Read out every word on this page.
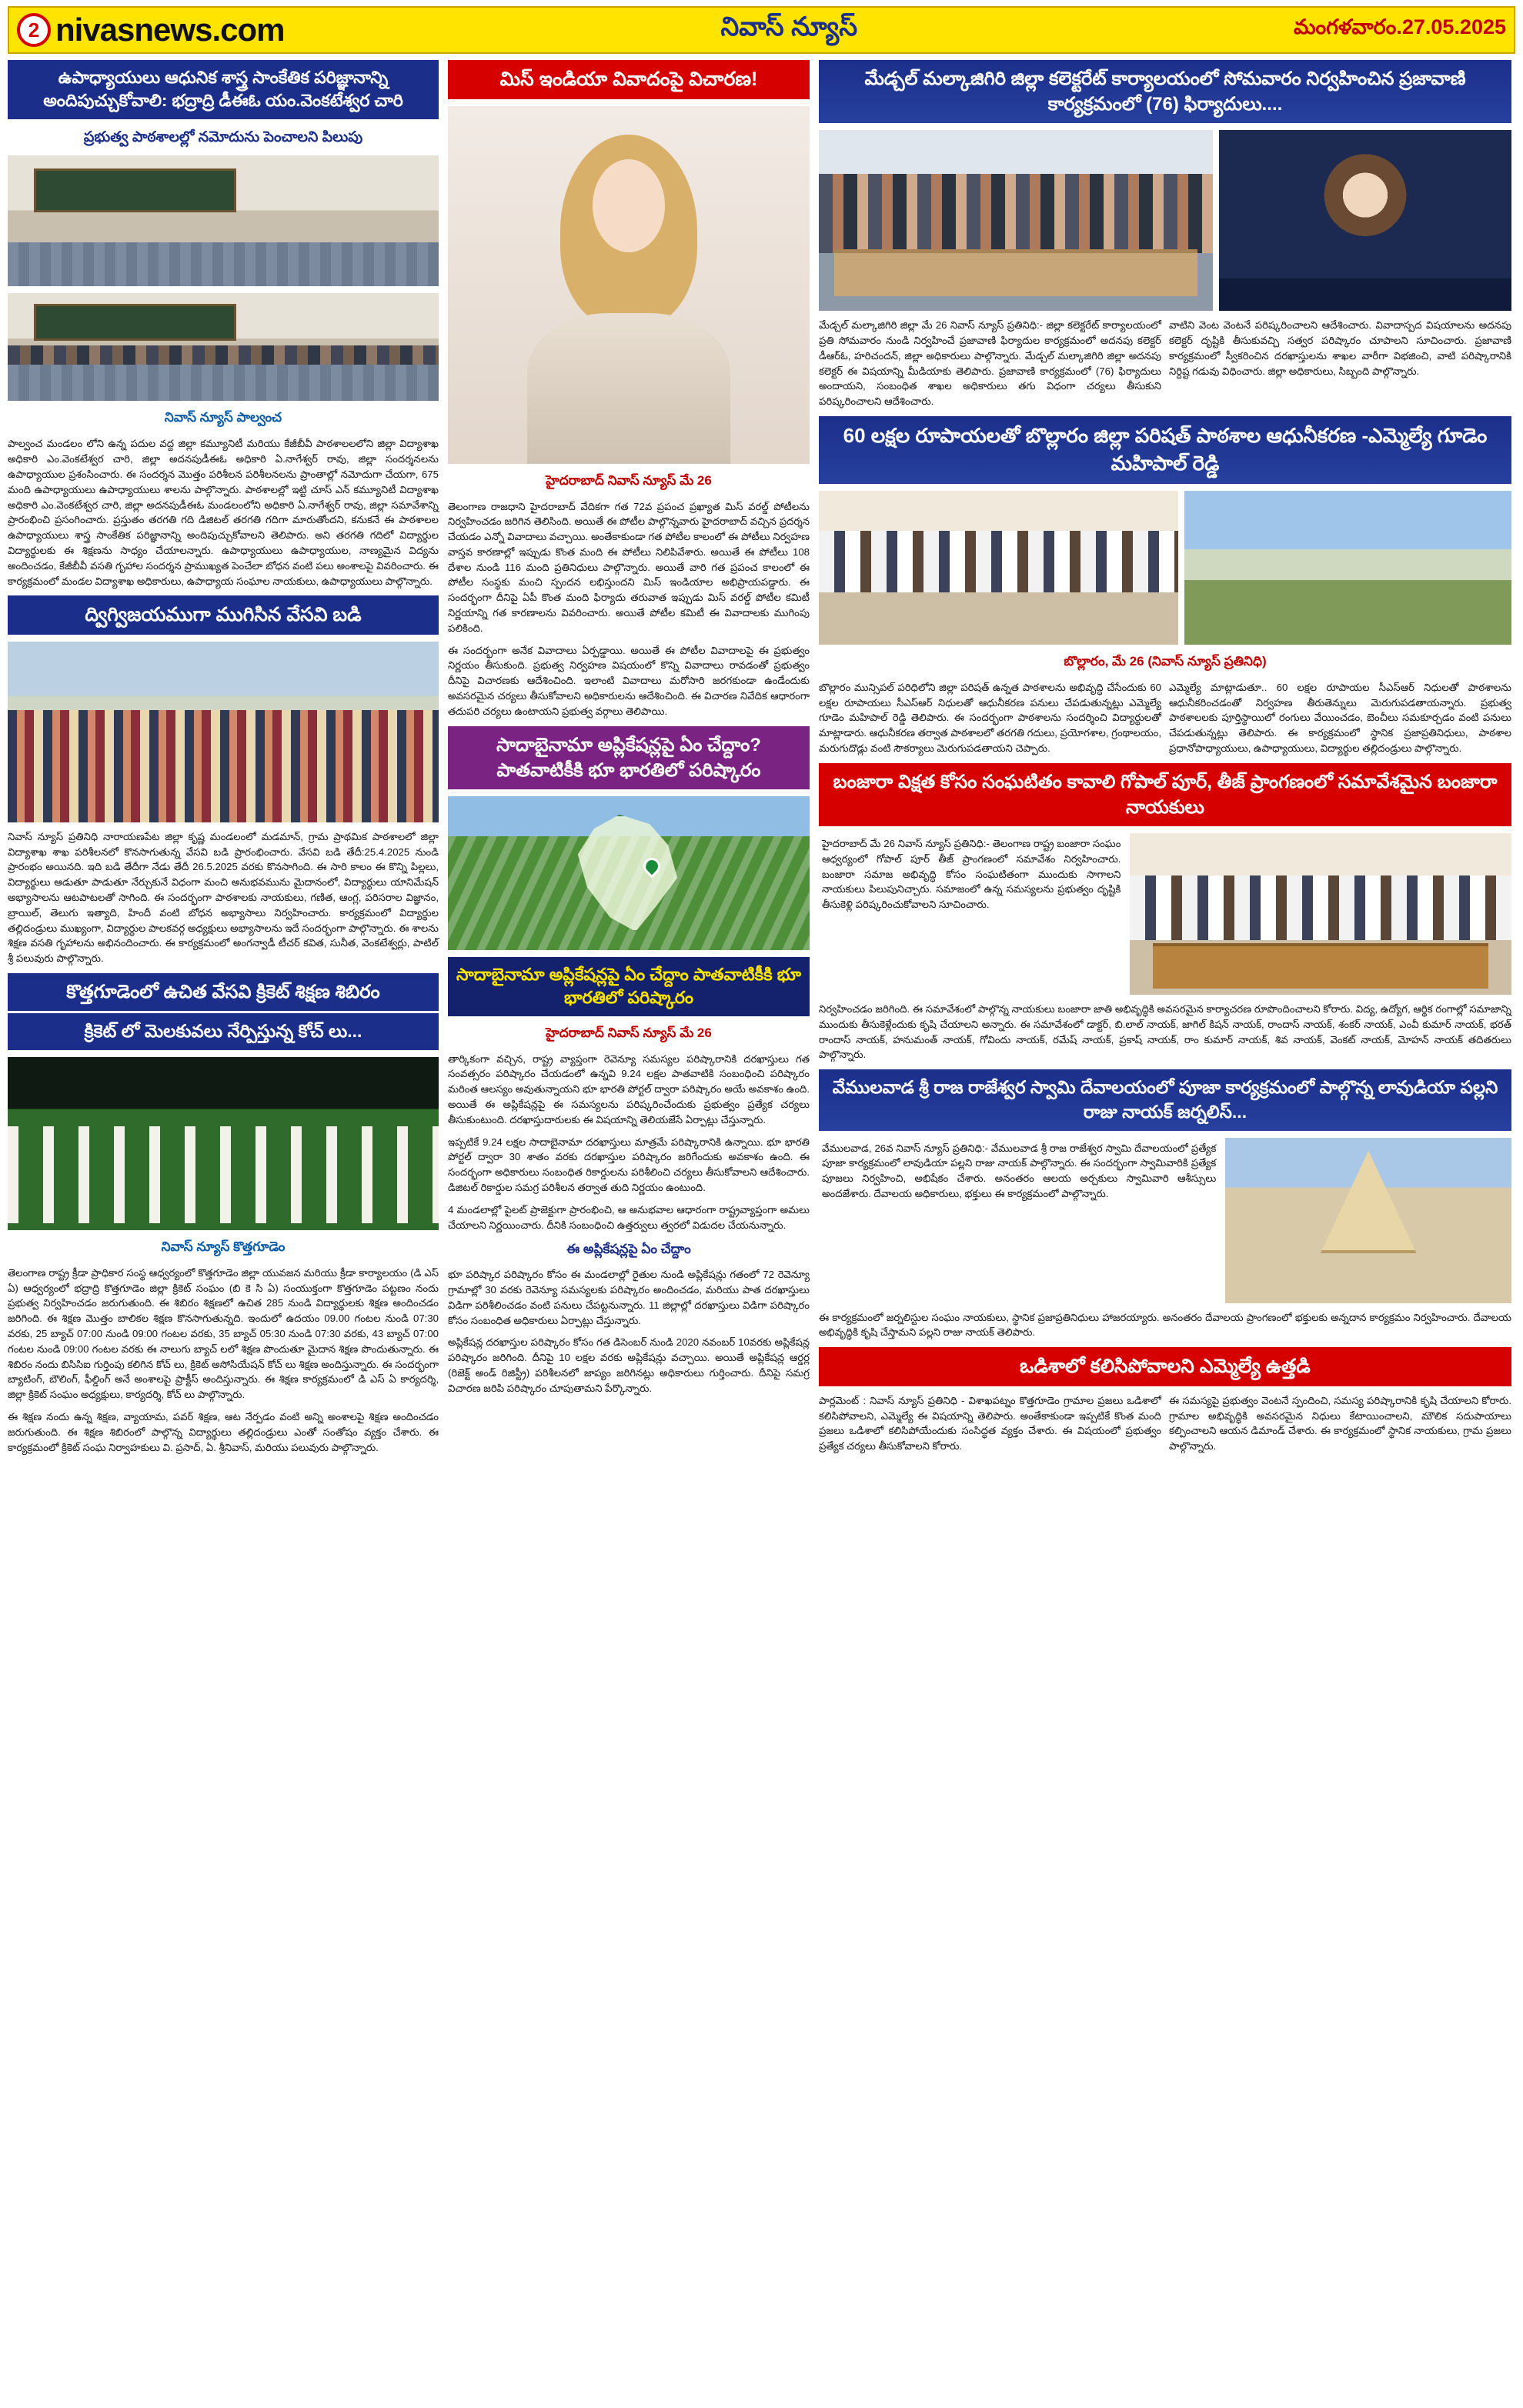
2 nivasnews.com	నివాస్ న్యూస్	మంగళవారం.27.05.2025
ఉపాధ్యాయులు ఆధునిక శాస్త్ర సాంకేతిక పరిజ్ఞానాన్ని అందిపుచ్చుకోవాలి: భద్రాద్రి డీఈఓ యం.వెంకటేశ్వర చారి
ప్రభుత్వ పాఠశాలల్లో నమోదును పెంచాలని పిలుపు
నివాస్ న్యూస్ పాల్వంచ
పాల్వంచ మండలం లోని ఉన్న పదుల వద్ద జిల్లా కమ్యూనిటీ మరియు కేజీబీవీ పాఠశాలలలోని జిల్లా విద్యాశాఖ అధికారి ఎం.వెంకటేశ్వర చారి, జిల్లా అదనపుడీఈఓ అధికారి ఏ.నాగేశ్వర్ రావు, జిల్లా సందర్శనలను ఉపాధ్యాయుల ప్రశంసించారు. ఈ సందర్శన మొత్తం పరిశీలన పరిశీలనలను ప్రాంతాల్లో నమోదుగా చేయగా, 675 మంది ఉపాధ్యాయులు ఉపాధ్యాయులు శాలను పాల్గొన్నారు. పాఠశాలల్లో ఇట్టి చూస్ ఎన్ కమ్యూనిటీ విద్యాశాఖ అధికారి ఎం.వెంకటేశ్వర చారి, జిల్లా అదనపుడీఈఓ మండలంలోని అధికారి ఏ.నాగేశ్వర్ రావు, జిల్లా సమావేశాన్ని ప్రారంభించి ప్రసంగించారు. ప్రస్తుతం తరగతి గది డిజిటల్ తరగతి గదిగా మారుతోందని, కనుకనే ఈ పాఠశాలల ఉపాధ్యాయులు శాస్త్ర సాంకేతిక పరిజ్ఞానాన్ని అందిపుచ్చుకోవాలని తెలిపారు. అని తరగతి గదిలో విద్యార్థుల విద్యార్థులకు ఈ శిక్షణను సాధ్యం చేయాలన్నారు. ఉపాధ్యాయులు ఉపాధ్యాయుల, నాణ్యమైన విద్యను అందించడం, కేజీబీవీ వసతి గృహాల సందర్శన ప్రాముఖ్యత పెంచేలా బోధన వంటి పలు అంశాలపై వివరించారు. ఈ కార్యక్రమంలో మండల విద్యాశాఖ అధికారులు, ఉపాధ్యాయ సంఘాల నాయకులు, ఉపాధ్యాయులు పాల్గొన్నారు.
ద్విగ్విజయముగా ముగిసిన వేసవి బడి
నివాస్ న్యూస్ ప్రతినిధి నారాయణపేట జిల్లా కృష్ణ మండలంలో మడమాన్, గ్రామ ప్రాథమిక పాఠశాలలో జిల్లా విద్యాశాఖ శాఖ పరిశీలనలో కొనసాగుతున్న వేసవి బడి ప్రారంభించారు. వేసవి బడి తేదీ:25.4.2025 నుండి ప్రారంభం అయినది. ఇది బడి తేదీగా నేడు తేదీ 26.5.2025 వరకు కొనసాగింది. ఈ సారి కాలం ఈ కొన్ని పిల్లలు, విద్యార్థులు ఆడుతూ పాడుతూ నేర్చుకునే విధంగా మంచి అనుభవమును మైదానంలో, విద్యార్థులు యానిమేషన్ అభ్యాసాలను ఆటపాటలతో సాగింది. ఈ సందర్భంగా పాఠశాలకు నాయకులు, గణిత, ఆంగ్ల, పరిసరాల విజ్ఞానం, బ్రాయిల్, తెలుగు ఇత్యాది, హిందీ వంటి బోధన అభ్యాసాలు నిర్వహించారు. కార్యక్రమంలో విద్యార్థుల తల్లిదండ్రులు ముఖ్యంగా, విద్యార్థుల పాలకవర్గ అధ్యక్షులు అభ్యాసాలను ఇదే సందర్భంగా పాల్గొన్నారు. ఈ శాలను శిక్షణ వసతి గృహాలను అభినందించారు. ఈ కార్యక్రమంలో అంగన్వాడీ టీచర్ కవిత, సునీత, వెంకటేశ్వర్లు, పాటిల్ శ్రీ పలువురు పాల్గొన్నారు.
కొత్తగూడెంలో ఉచిత వేసవి క్రికెట్ శిక్షణ శిబిరం
క్రికెట్ లో మెలకువలు నేర్పిస్తున్న కోచ్ లు...
నివాస్ న్యూస్ కొత్తగూడెం
తెలంగాణ రాష్ట్ర క్రీడా ప్రాధికార సంస్థ ఆధ్వర్యంలో కొత్తగూడెం జిల్లా యువజన మరియు క్రీడా కార్యాలయం (డి ఎస్ ఏ) ఆధ్వర్యంలో భద్రాద్రి కొత్తగూడెం జిల్లా క్రికెట్ సంఘం (బి కె సి ఏ) సంయుక్తంగా కొత్తగూడెం పట్టణం నందు ప్రభుత్వ నిర్వహించడం జరుగుతుంది. ఈ శిబిరం శిక్షణలో ఉచిత 285 నుండి విద్యార్థులకు శిక్షణ అందించడం జరిగింది. ఈ శిక్షణ మొత్తం బాలికల శిక్షణ కొనసాగుతున్నది. ఇందులో ఉదయం 09.00 గంటల నుండి 07:30 వరకు, 25 బ్యాచ్ 07:00 నుండి 09:00 గంటల వరకు, 35 బ్యాచ్ 05:30 నుండి 07:30 వరకు, 43 బ్యాచ్ 07:00 గంటల నుండి 09:00 గంటల వరకు ఈ నాలుగు బ్యాచ్ లలో శిక్షణ పొందుతూ మైదాన శిక్షణ పొందుతున్నారు. ఈ శిబిరం నందు బిసిసిఐ గుర్తింపు కలిగిన కోచ్ లు, క్రికెట్ అసోసియేషన్ కోచ్ లు శిక్షణ అందిస్తున్నారు. ఈ సందర్భంగా బ్యాటింగ్, బౌలింగ్, ఫీల్డింగ్ అనే అంశాలపై ప్రాక్టీస్ అందిస్తున్నారు. ఈ శిక్షణ కార్యక్రమంలో డి ఎస్ ఏ కార్యదర్శి, జిల్లా క్రికెట్ సంఘం అధ్యక్షులు, కార్యదర్శి, కోచ్ లు పాల్గొన్నారు.
ఈ శిక్షణ నందు ఉన్న శిక్షణ, వ్యాయామ, పవర్ శిక్షణ, ఆట నేర్పడం వంటి అన్ని అంశాలపై శిక్షణ అందించడం జరుగుతుంది. ఈ శిక్షణ శిబిరంలో పాల్గొన్న విద్యార్థులు తల్లిదండ్రులు ఎంతో సంతోషం వ్యక్తం చేశారు. ఈ కార్యక్రమంలో క్రికెట్ సంఘ నిర్వాహకులు వి. ప్రసాద్, ఏ. శ్రీనివాస్, మరియు పలువురు పాల్గొన్నారు.
మిస్ ఇండియా వివాదంపై విచారణ!
హైదరాబాద్ నివాస్ న్యూస్ మే 26
తెలంగాణ రాజధాని హైదరాబాద్ వేదికగా గత 72వ ప్రపంచ ప్రఖ్యాత మిస్ వరల్డ్ పోటీలను నిర్వహించడం జరిగిన తెలిసింది. అయితే ఈ పోటీల పాల్గొన్నవారు హైదరాబాద్ వచ్చిన ప్రదర్శన చేయడం ఎన్నో వివాదాలు వచ్చాయి. అంతేకాకుండా గత పోటీల కాలంలో ఈ పోటీలు నిర్వహణ వాస్తవ కారణాల్లో ఇప్పుడు కొంత మంది ఈ పోటీలు నిలిపివేశారు. అయితే ఈ పోటీలు 108 దేశాల నుండి 116 మంది ప్రతినిధులు పాల్గొన్నారు. అయితే వారి గత ప్రపంచ కాలంలో ఈ పోటీల సంస్థకు మంచి స్పందన లభిస్తుందని మిస్ ఇండియాల అభిప్రాయపడ్డారు. ఈ సందర్భంగా దీనిపై ఏపీ కొంత మంది ఫిర్యాదు తరువాత ఇప్పుడు మిస్ వరల్డ్ పోటీల కమిటీ నిర్ణయాన్ని గత కారణాలను వివరించారు. అయితే పోటీల కమిటీ ఈ వివాదాలకు ముగింపు పలికింది.
ఈ సందర్భంగా అనేక వివాదాలు ఏర్పడ్డాయి. అయితే ఈ పోటీల వివాదాలపై ఈ ప్రభుత్వం నిర్ణయం తీసుకుంది. ప్రభుత్వ నిర్వహణ విషయంలో కొన్ని వివాదాలు రావడంతో ప్రభుత్వం దీనిపై విచారణకు ఆదేశించింది. ఇలాంటి వివాదాలు మరోసారి జరగకుండా ఉండేందుకు అవసరమైన చర్యలు తీసుకోవాలని అధికారులను ఆదేశించింది. ఈ విచారణ నివేదిక ఆధారంగా తదుపరి చర్యలు ఉంటాయని ప్రభుత్వ వర్గాలు తెలిపాయి.
సాదాబైనామా అప్లికేషన్లపై ఏం చేద్దాం?పాతవాటికీకి భూ భారతిలో పరిష్కారం
సాదాబైనామా అప్లికేషన్లపై ఏం చేద్దాం పాతవాటికీకి భూ భారతిలో పరిష్కారం
హైదరాబాద్ నివాస్ న్యూస్ మే 26
తార్కికంగా వచ్చిన, రాష్ట్ర వ్యాప్తంగా రెవెన్యూ సమస్యల పరిష్కారానికి దరఖాస్తులు గత సంవత్సరం పరిష్కారం చేయడంలో ఉన్నవి 9.24 లక్షల పాతవాటికి సంబంధించి పరిష్కారం మరింత ఆలస్యం అవుతున్నాయని భూ భారతి పోర్టల్ ద్వారా పరిష్కారం అయే అవకాశం ఉంది. అయితే ఈ అప్లికేషన్లపై ఈ సమస్యలను పరిష్కరించేందుకు ప్రభుత్వం ప్రత్యేక చర్యలు తీసుకుంటుంది. దరఖాస్తుదారులకు ఈ విషయాన్ని తెలియజేసే ఏర్పాట్లు చేస్తున్నారు.
ఇప్పటికే 9.24 లక్షల సాదాబైనామా దరఖాస్తులు మాత్రమే పరిష్కారానికి ఉన్నాయి. భూ భారతి పోర్టల్ ద్వారా 30 శాతం వరకు దరఖాస్తుల పరిష్కారం జరిగేందుకు అవకాశం ఉంది. ఈ సందర్భంగా అధికారులు సంబంధిత రికార్డులను పరిశీలించి చర్యలు తీసుకోవాలని ఆదేశించారు. డిజిటల్ రికార్డుల సమగ్ర పరిశీలన తర్వాత తుది నిర్ణయం ఉంటుంది.
4 మండలాల్లో పైలట్ ప్రాజెక్టుగా ప్రారంభించి, ఆ అనుభవాల ఆధారంగా రాష్ట్రవ్యాప్తంగా అమలు చేయాలని నిర్ణయించారు. దీనికి సంబంధించి ఉత్తర్వులు త్వరలో విడుదల చేయనున్నారు.
ఈ అప్లికేషన్లపై ఏం చేద్దాం
భూ పరిష్కార పరిష్కారం కోసం ఈ మండలాల్లో రైతుల నుండి అప్లికేషన్లు గతంలో 72 రెవెన్యూ గ్రామాల్లో 30 వరకు రెవెన్యూ సమస్యలకు పరిష్కారం అందించడం, మరియు పాత దరఖాస్తులు విడిగా పరిశీలించడం వంటి పనులు చేపట్టనున్నారు. 11 జిల్లాల్లో దరఖాస్తులు విడిగా పరిష్కారం కోసం సంబంధిత అధికారులు ఏర్పాట్లు చేస్తున్నారు.
అప్లికేషన్ల దరఖాస్తుల పరిష్కారం కోసం గత డిసెంబర్ నుండి 2020 నవంబర్ 10వరకు అప్లికేషన్ల పరిష్కారం జరిగింది. దీనిపై 10 లక్షల వరకు అప్లికేషన్లు వచ్చాయి. అయితే అప్లికేషన్ల ఆర్డర్ల (రిజెక్ట్ అండ్ రిజిస్ట్రీ) పరిశీలనలో జాప్యం జరిగినట్లు అధికారులు గుర్తించారు. దీనిపై సమగ్ర విచారణ జరిపి పరిష్కారం చూపుతామని పేర్కొన్నారు.
మేడ్చల్ మల్కాజిగిరి జిల్లా కలెక్టరేట్ కార్యాలయంలో సోమవారం నిర్వహించిన ప్రజావాణి కార్యక్రమంలో (76) ఫిర్యాదులు....
మేడ్చల్ మల్కాజిగిరి జిల్లా మే 26 నివాస్ న్యూస్ ప్రతినిధి:- జిల్లా కలెక్టరేట్ కార్యాలయంలో ప్రతి సోమవారం నుండి నిర్వహించే ప్రజావాణి ఫిర్యాదుల కార్యక్రమంలో అదనపు కలెక్టర్ డీఆర్ఓ, హరిచందన్, జిల్లా అధికారులు పాల్గొన్నారు. మేడ్చల్ మల్కాజిగిరి జిల్లా అదనపు కలెక్టర్ ఈ విషయాన్ని మీడియాకు తెలిపారు. ప్రజావాణి కార్యక్రమంలో (76) ఫిర్యాదులు అందాయని, సంబంధిత శాఖల అధికారులు తగు విధంగా చర్యలు తీసుకుని పరిష్కరించాలని ఆదేశించారు.
వాటిని వెంట వెంటనే పరిష్కరించాలని ఆదేశించారు. వివాదాస్పద విషయాలను అదనపు కలెక్టర్ దృష్టికి తీసుకువచ్చి సత్వర పరిష్కారం చూపాలని సూచించారు. ప్రజావాణి కార్యక్రమంలో స్వీకరించిన దరఖాస్తులను శాఖల వారీగా విభజించి, వాటి పరిష్కారానికి నిర్దిష్ట గడువు విధించారు. జిల్లా అధికారులు, సిబ్బంది పాల్గొన్నారు.
60 లక్షల రూపాయలతో బొల్లారం జిల్లా పరిషత్ పాఠశాల ఆధునీకరణ -ఎమ్మెల్యే గూడెం మహిపాల్ రెడ్డి
బొల్లారం, మే 26 (నివాస్ న్యూస్ ప్రతినిధి)
బొల్లారం మున్సిపల్ పరిధిలోని జిల్లా పరిషత్ ఉన్నత పాఠశాలను అభివృద్ధి చేసేందుకు 60 లక్షల రూపాయలు సీఎస్ఆర్ నిధులతో ఆధునీకరణ పనులు చేపడుతున్నట్లు ఎమ్మెల్యే గూడెం మహిపాల్ రెడ్డి తెలిపారు. ఈ సందర్భంగా పాఠశాలను సందర్శించి విద్యార్థులతో మాట్లాడారు. ఆధునీకరణ తర్వాత పాఠశాలలో తరగతి గదులు, ప్రయోగశాల, గ్రంథాలయం, మరుగుదొడ్లు వంటి సౌకర్యాలు మెరుగుపడతాయని చెప్పారు.
ఎమ్మెల్యే మాట్లాడుతూ.. 60 లక్షల రూపాయల సీఎస్ఆర్ నిధులతో పాఠశాలను ఆధునీకరించడంతో నిర్వహణ తీరుతెన్నులు మెరుగుపడతాయన్నారు. ప్రభుత్వ పాఠశాలలకు పూర్తిస్థాయిలో రంగులు వేయించడం, బెంచీలు సమకూర్చడం వంటి పనులు చేపడుతున్నట్లు తెలిపారు. ఈ కార్యక్రమంలో స్థానిక ప్రజాప్రతినిధులు, పాఠశాల ప్రధానోపాధ్యాయులు, ఉపాధ్యాయులు, విద్యార్థుల తల్లిదండ్రులు పాల్గొన్నారు.
బంజారా విక్షత కోసం సంఘటితం కావాలి గోపాల్ పూర్, తీజ్ ప్రాంగణంలో సమావేశమైన బంజారా నాయకులు
హైదరాబాద్ మే 26 నివాస్ న్యూస్ ప్రతినిధి:- తెలంగాణ రాష్ట్ర బంజారా సంఘం ఆధ్వర్యంలో గోపాల్ పూర్ తీజ్ ప్రాంగణంలో సమావేశం నిర్వహించారు. బంజారా సమాజ అభివృద్ధి కోసం సంఘటితంగా ముందుకు సాగాలని నాయకులు పిలుపునిచ్చారు. సమాజంలో ఉన్న సమస్యలను ప్రభుత్వం దృష్టికి తీసుకెళ్లి పరిష్కరించుకోవాలని సూచించారు.
నిర్వహించడం జరిగింది. ఈ సమావేశంలో పాల్గొన్న నాయకులు బంజారా జాతి అభివృద్ధికి అవసరమైన కార్యాచరణ రూపొందించాలని కోరారు. విద్య, ఉద్యోగ, ఆర్థిక రంగాల్లో సమాజాన్ని ముందుకు తీసుకెళ్లేందుకు కృషి చేయాలని అన్నారు. ఈ సమావేశంలో డాక్టర్, బి.లాల్ నాయక్, జాగిల్ కిషన్ నాయక్, రాందాస్ నాయక్, శంకర్ నాయక్, ఎంవీ కుమార్ నాయక్, భరత్ రాందాస్ నాయక్, హనుమంత్ నాయక్, గోవిందు నాయక్, రమేష్ నాయక్, ప్రకాష్ నాయక్, రాం కుమార్ నాయక్, శివ నాయక్, వెంకట్ నాయక్, మోహన్ నాయక్ తదితరులు పాల్గొన్నారు.
వేములవాడ శ్రీ రాజ రాజేశ్వర స్వామి దేవాలయంలో పూజా కార్యక్రమంలో పాల్గొన్న లావుడియా పల్లని రాజు నాయక్ జర్నలిస్...
వేములవాడ, 26వ నివాస్ న్యూస్ ప్రతినిధి:- వేములవాడ శ్రీ రాజ రాజేశ్వర స్వామి దేవాలయంలో ప్రత్యేక పూజా కార్యక్రమంలో లావుడియా పల్లని రాజు నాయక్ పాల్గొన్నారు. ఈ సందర్భంగా స్వామివారికి ప్రత్యేక పూజలు నిర్వహించి, అభిషేకం చేశారు. అనంతరం ఆలయ అర్చకులు స్వామివారి ఆశీస్సులు అందజేశారు. దేవాలయ అధికారులు, భక్తులు ఈ కార్యక్రమంలో పాల్గొన్నారు.
ఈ కార్యక్రమంలో జర్నలిస్టుల సంఘం నాయకులు, స్థానిక ప్రజాప్రతినిధులు హాజరయ్యారు. అనంతరం దేవాలయ ప్రాంగణంలో భక్తులకు అన్నదాన కార్యక్రమం నిర్వహించారు. దేవాలయ అభివృద్ధికి కృషి చేస్తామని పల్లని రాజు నాయక్ తెలిపారు.
ఒడిశాలో కలిసిపోవాలని ఎమ్మెల్యే ఉత్తడి
పార్లమెంట్ : నివాస్ న్యూస్ ప్రతినిధి - విశాఖపట్నం కొత్తగూడెం గ్రామాల ప్రజలు ఒడిశాలో కలిసిపోవాలని, ఎమ్మెల్యే ఈ విషయాన్ని తెలిపారు. అంతేకాకుండా ఇప్పటికే కొంత మంది ప్రజలు ఒడిశాలో కలిసిపోయేందుకు సంసిద్ధత వ్యక్తం చేశారు. ఈ విషయంలో ప్రభుత్వం ప్రత్యేక చర్యలు తీసుకోవాలని కోరారు.
ఈ సమస్యపై ప్రభుత్వం వెంటనే స్పందించి, సమస్య పరిష్కారానికి కృషి చేయాలని కోరారు. గ్రామాల అభివృద్ధికి అవసరమైన నిధులు కేటాయించాలని, మౌలిక సదుపాయాలు కల్పించాలని ఆయన డిమాండ్ చేశారు. ఈ కార్యక్రమంలో స్థానిక నాయకులు, గ్రామ ప్రజలు పాల్గొన్నారు.
